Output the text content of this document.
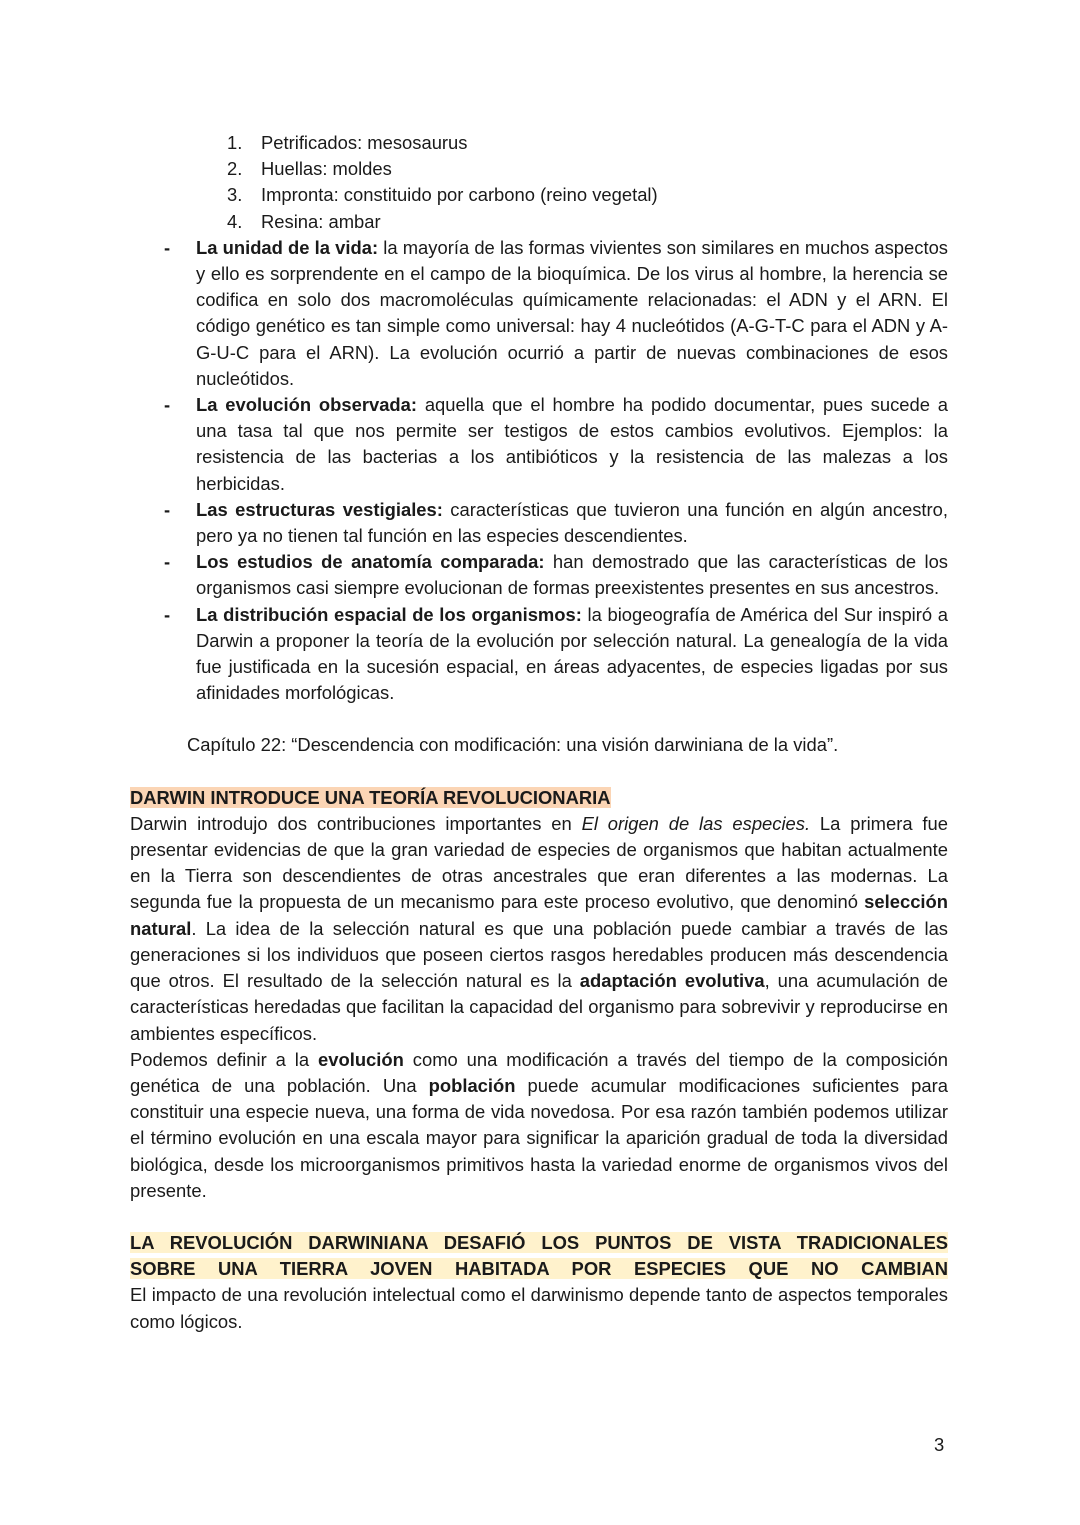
1. Petrificados: mesosaurus
2. Huellas: moldes
3. Impronta: constituido por carbono (reino vegetal)
4. Resina: ambar
- La unidad de la vida: la mayoría de las formas vivientes son similares en muchos aspectos y ello es sorprendente en el campo de la bioquímica. De los virus al hombre, la herencia se codifica en solo dos macromoléculas químicamente relacionadas: el ADN y el ARN. El código genético es tan simple como universal: hay 4 nucleótidos (A-G-T-C para el ADN y A-G-U-C para el ARN). La evolución ocurrió a partir de nuevas combinaciones de esos nucleótidos.
- La evolución observada: aquella que el hombre ha podido documentar, pues sucede a una tasa tal que nos permite ser testigos de estos cambios evolutivos. Ejemplos: la resistencia de las bacterias a los antibióticos y la resistencia de las malezas a los herbicidas.
- Las estructuras vestigiales: características que tuvieron una función en algún ancestro, pero ya no tienen tal función en las especies descendientes.
- Los estudios de anatomía comparada: han demostrado que las características de los organismos casi siempre evolucionan de formas preexistentes presentes en sus ancestros.
- La distribución espacial de los organismos: la biogeografía de América del Sur inspiró a Darwin a proponer la teoría de la evolución por selección natural. La genealogía de la vida fue justificada en la sucesión espacial, en áreas adyacentes, de especies ligadas por sus afinidades morfológicas.
Capítulo 22: “Descendencia con modificación: una visión darwiniana de la vida”.
DARWIN INTRODUCE UNA TEORÍA REVOLUCIONARIA

Darwin introdujo dos contribuciones importantes en El origen de las especies. La primera fue presentar evidencias de que la gran variedad de especies de organismos que habitan actualmente en la Tierra son descendientes de otras ancestrales que eran diferentes a las modernas. La segunda fue la propuesta de un mecanismo para este proceso evolutivo, que denominó selección natural. La idea de la selección natural es que una población puede cambiar a través de las generaciones si los individuos que poseen ciertos rasgos heredables producen más descendencia que otros. El resultado de la selección natural es la adaptación evolutiva, una acumulación de características heredadas que facilitan la capacidad del organismo para sobrevivir y reproducirse en ambientes específicos.

Podemos definir a la evolución como una modificación a través del tiempo de la composición genética de una población. Una población puede acumular modificaciones suficientes para constituir una especie nueva, una forma de vida novedosa. Por esa razón también podemos utilizar el término evolución en una escala mayor para significar la aparición gradual de toda la diversidad biológica, desde los microorganismos primitivos hasta la variedad enorme de organismos vivos del presente.

LA REVOLUCIÓN DARWINIANA DESAFIÓ LOS PUNTOS DE VISTA TRADICIONALES
SOBRE UNA TIERRA JOVEN HABITADA POR ESPECIES QUE NO CAMBIAN

El impacto de una revolución intelectual como el darwinismo depende tanto de aspectos temporales como lógicos.

3
